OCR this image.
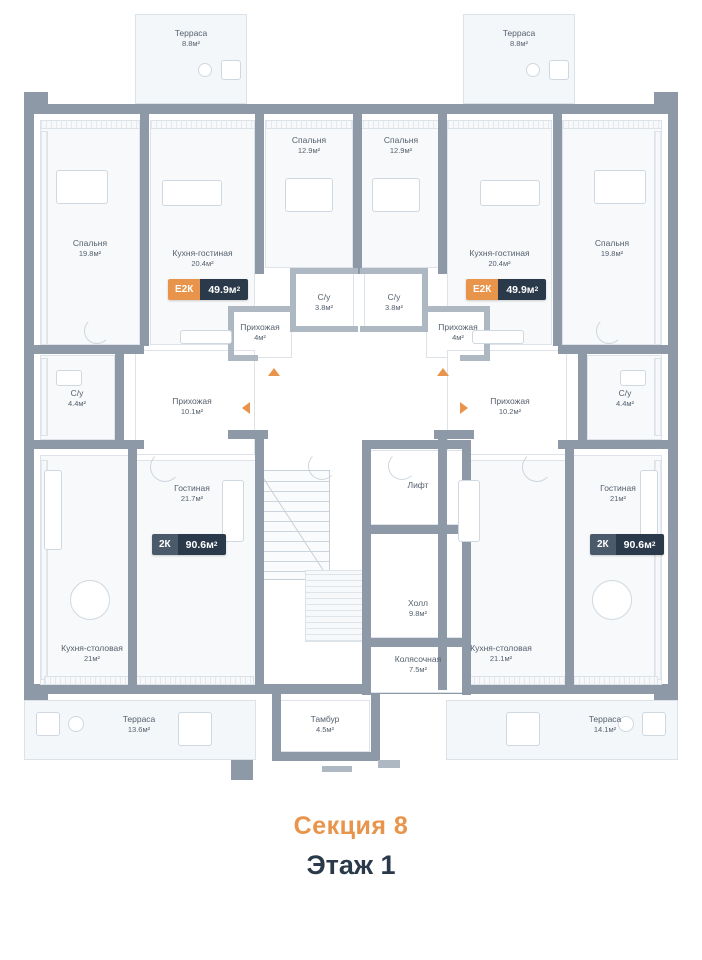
Терраса
8.8м²
Терраса
8.8м²
Спальня
12.9м²
Спальня
12.9м²
Спальня
19.8м²
Спальня
19.8м²
Кухня-гостиная
20.4м²
Кухня-гостиная
20.4м²
С/у
3.8м²
С/у
3.8м²
Прихожая
4м²
Прихожая
4м²
С/у
4.4м²
С/у
4.4м²
Прихожая
10.1м²
Прихожая
10.2м²
Гостиная
21.7м²
Гостиная
21м²
Кухня-столовая
21м²
Кухня-столовая
21.1м²
Терраса
13.6м²
Терраса
14.1м²
Лифт
Холл
9.8м²
Колясочная
7.5м²
Тамбур
4.5м²
Е2К	49.9м 2	Е2К	49.9м 2
2К	90.6м 2	2К	90.6м 2
Секция 8
Этаж 1
